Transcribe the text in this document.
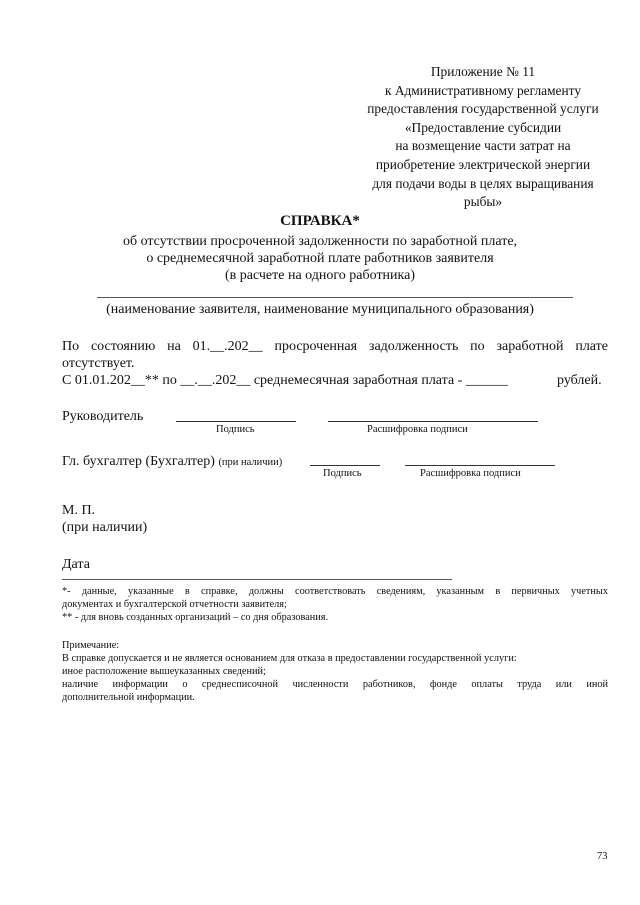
Приложение № 11
к Административному регламенту
предоставления государственной услуги
«Предоставление субсидии
на возмещение части затрат на
приобретение электрической энергии
для подачи воды в целях выращивания
рыбы»
СПРАВКА*
об отсутствии просроченной задолженности по заработной плате,
о среднемесячной заработной плате работников заявителя
(в расчете на одного работника)
(наименование заявителя, наименование муниципального образования)
По состоянию на 01.__.202__ просроченная задолженность по заработной плате
отсутствует.
С 01.01.202__** по __.__.202__ среднемесячная заработная плата - ______	рублей.
Руководитель
Подпись	Расшифровка подписи
Гл. бухгалтер (Бухгалтер) (при наличии)
Подпись	Расшифровка подписи
М. П.
(при наличии)
Дата
*- данные, указанные в справке, должны соответствовать сведениям, указанным в первичных учетных
документах и бухгалтерской отчетности заявителя;
** - для вновь созданных организаций – со дня образования.
Примечание:
В справке допускается и не является основанием для отказа в предоставлении государственной услуги:
иное расположение вышеуказанных сведений;
наличие информации о среднесписочной численности работников, фонде оплаты труда или иной
дополнительной информации.
73
